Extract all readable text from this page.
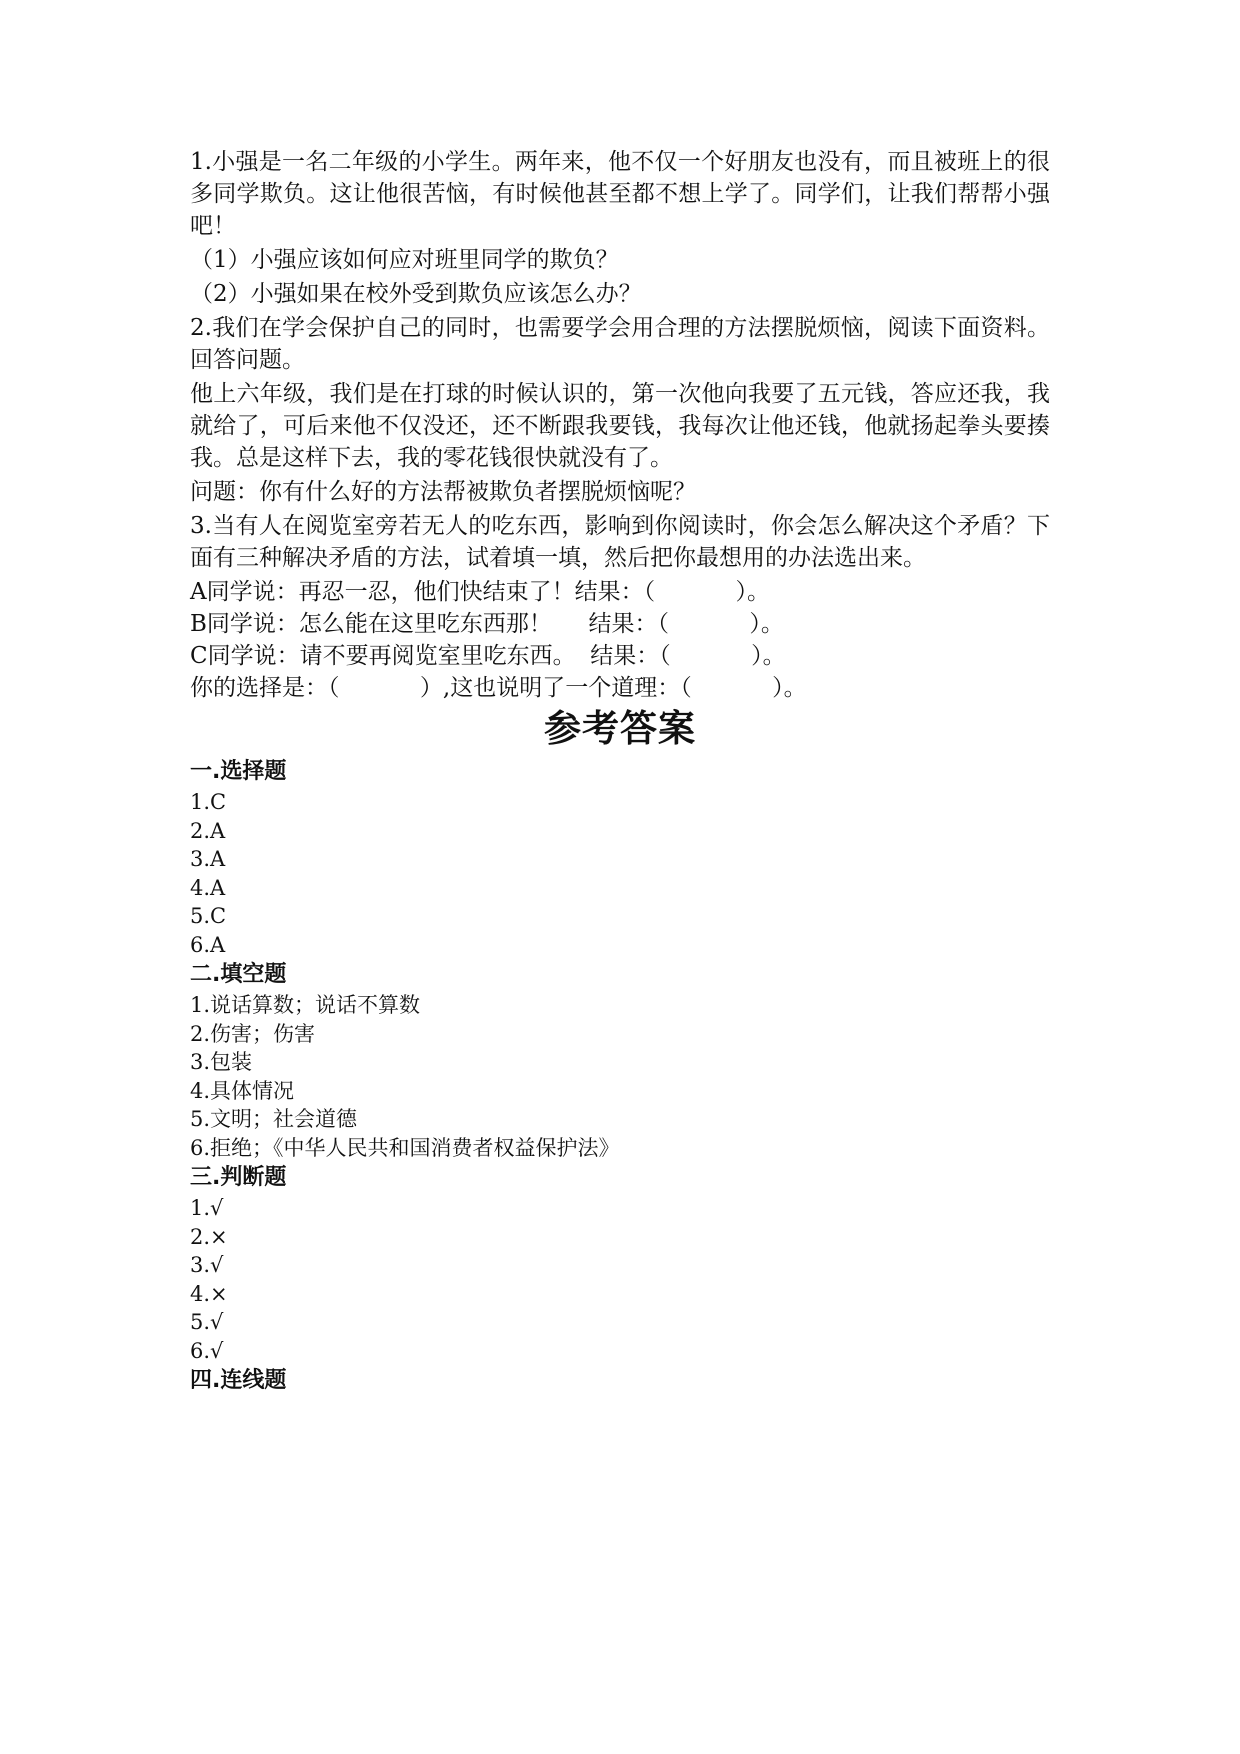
1.小强是一名二年级的小学生。两年来，他不仅一个好朋友也没有，而且被班上的很多同学欺负。这让他很苦恼，有时候他甚至都不想上学了。同学们，让我们帮帮小强吧！

（1）小强应该如何应对班里同学的欺负？

（2）小强如果在校外受到欺负应该怎么办？

2.我们在学会保护自己的同时，也需要学会用合理的方法摆脱烦恼，阅读下面资料。回答问题。

他上六年级，我们是在打球的时候认识的，第一次他向我要了五元钱，答应还我，我就给了，可后来他不仅没还，还不断跟我要钱，我每次让他还钱，他就扬起拳头要揍我。总是这样下去，我的零花钱很快就没有了。

问题：你有什么好的方法帮被欺负者摆脱烦恼呢？

3.当有人在阅览室旁若无人的吃东西，影响到你阅读时，你会怎么解决这个矛盾？下面有三种解决矛盾的方法，试着填一填，然后把你最想用的办法选出来。

A同学说：再忍一忍，他们快结束了！结果：（           ）。

B同学说：怎么能在这里吃东西那！     结果：（           ）。

C同学说：请不要再阅览室里吃东西。  结果：（           ）。

你的选择是：（           ）,这也说明了一个道理：（           ）。

参考答案
一.选择题
1.C
2.A
3.A
4.A
5.C
6.A
二.填空题
1.说话算数；说话不算数
2.伤害；伤害
3.包装
4.具体情况
5.文明；社会道德
6.拒绝；《中华人民共和国消费者权益保护法》
三.判断题
1.√
2.×
3.√
4.×
5.√
6.√
四.连线题
